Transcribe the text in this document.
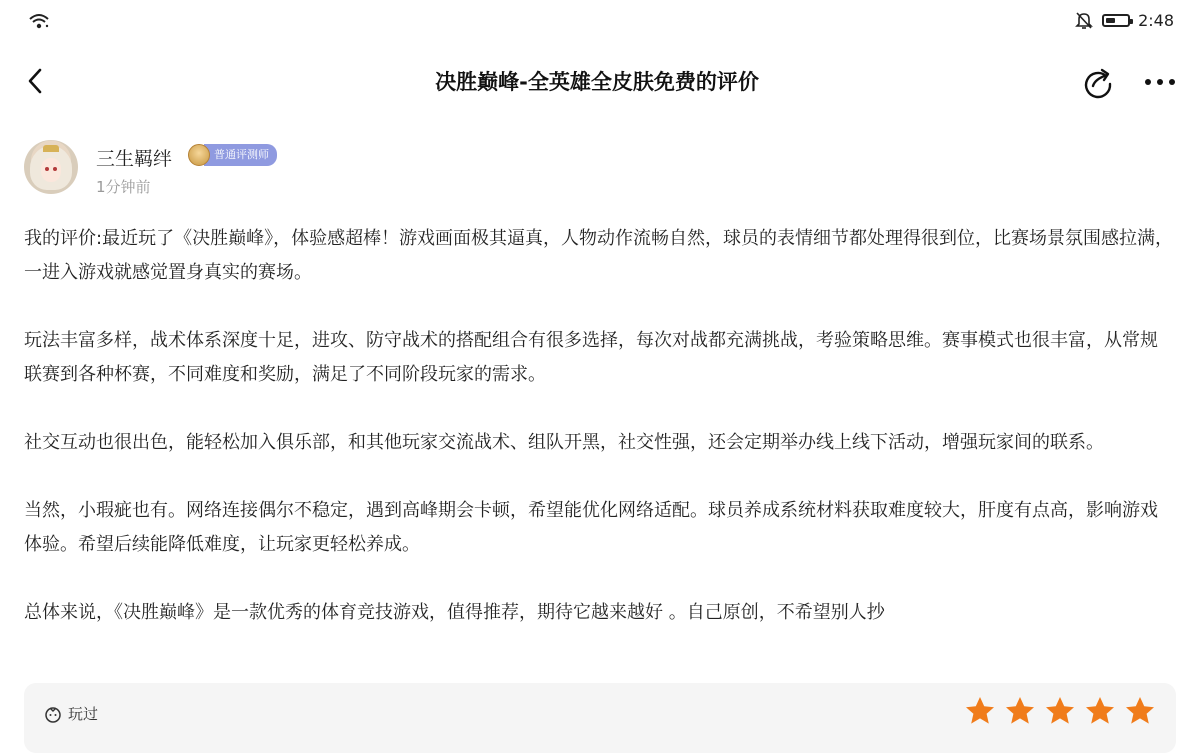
2:48
决胜巅峰-全英雄全皮肤免费的评价
三生羁绊	普通评测师
1分钟前

我的评价:最近玩了《决胜巅峰》，体验感超棒！游戏画面极其逼真，人物动作流畅自然，球员的表情细节都处理得很到位，比赛场景氛围感拉满，一进入游戏就感觉置身真实的赛场。

玩法丰富多样，战术体系深度十足，进攻、防守战术的搭配组合有很多选择，每次对战都充满挑战，考验策略思维。赛事模式也很丰富，从常规联赛到各种杯赛，不同难度和奖励，满足了不同阶段玩家的需求。

社交互动也很出色，能轻松加入俱乐部，和其他玩家交流战术、组队开黑，社交性强，还会定期举办线上线下活动，增强玩家间的联系。

当然，小瑕疵也有。网络连接偶尔不稳定，遇到高峰期会卡顿，希望能优化网络适配。球员养成系统材料获取难度较大，肝度有点高，影响游戏体验。希望后续能降低难度，让玩家更轻松养成。

总体来说，《决胜巅峰》是一款优秀的体育竞技游戏，值得推荐，期待它越来越好 。自己原创，不希望别人抄

玩过
